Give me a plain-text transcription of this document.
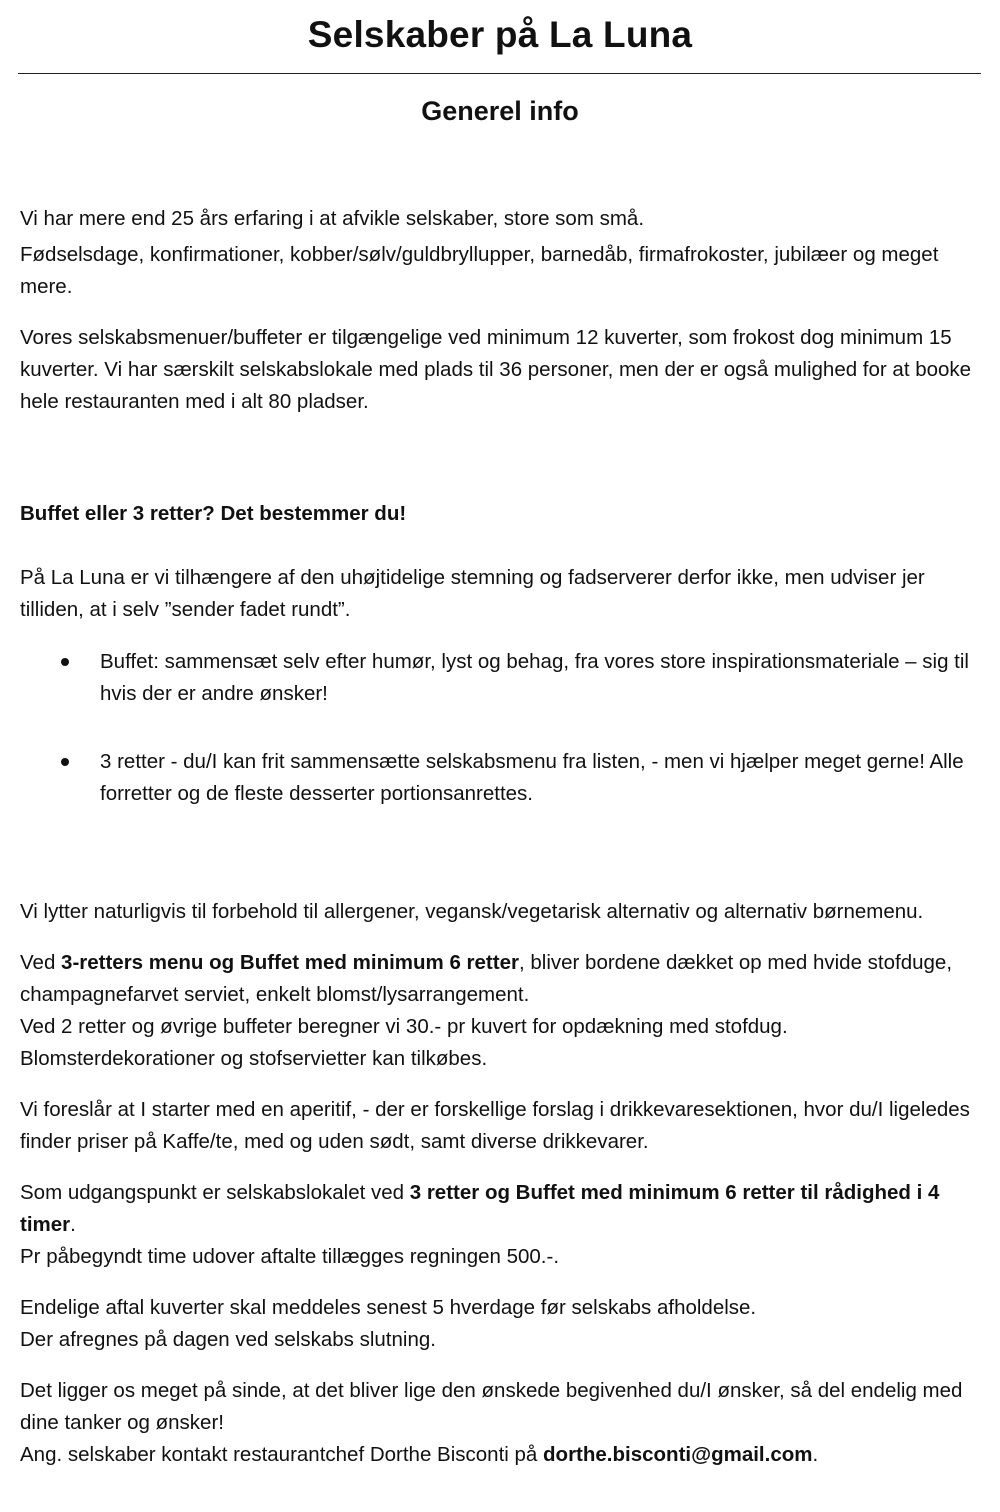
Selskaber på La Luna
Generel info

Vi har mere end 25 års erfaring i at afvikle selskaber, store som små.

Fødselsdage, konfirmationer, kobber/sølv/guldbryllupper, barnedåb, firmafrokoster, jubilæer og meget mere.

Vores selskabsmenuer/buffeter er tilgængelige ved minimum 12 kuverter, som frokost dog minimum 15 kuverter. Vi har særskilt selskabslokale med plads til 36 personer, men der er også mulighed for at booke hele restauranten med i alt 80 pladser.

Buffet eller 3 retter? Det bestemmer du!

På La Luna er vi tilhængere af den uhøjtidelige stemning og fadserverer derfor ikke, men udviser jer tilliden, at i selv ”sender fadet rundt”.

Buffet: sammensæt selv efter humør, lyst og behag, fra vores store inspirationsmateriale – sig til hvis der er andre ønsker!
3 retter - du/I kan frit sammensætte selskabsmenu fra listen, - men vi hjælper meget gerne! Alle forretter og de fleste desserter portionsanrettes.

Vi lytter naturligvis til forbehold til allergener, vegansk/vegetarisk alternativ og alternativ børnemenu.

Ved 3-retters menu og Buffet med minimum 6 retter, bliver bordene dækket op med hvide stofduge, champagnefarvet serviet, enkelt blomst/lysarrangement.
Ved 2 retter og øvrige buffeter beregner vi 30.- pr kuvert for opdækning med stofdug.
Blomsterdekorationer og stofservietter kan tilkøbes.

Vi foreslår at I starter med en aperitif, - der er forskellige forslag i drikkevaresektionen, hvor du/I ligeledes finder priser på Kaffe/te, med og uden sødt, samt diverse drikkevarer.

Som udgangspunkt er selskabslokalet ved 3 retter og Buffet med minimum 6 retter til rådighed i 4 timer.
Pr påbegyndt time udover aftalte tillægges regningen 500.-.

Endelige aftal kuverter skal meddeles senest 5 hverdage før selskabs afholdelse.
Der afregnes på dagen ved selskabs slutning.

Det ligger os meget på sinde, at det bliver lige den ønskede begivenhed du/I ønsker, så del endelig med dine tanker og ønsker!
Ang. selskaber kontakt restaurantchef Dorthe Bisconti på dorthe.bisconti@gmail.com.
